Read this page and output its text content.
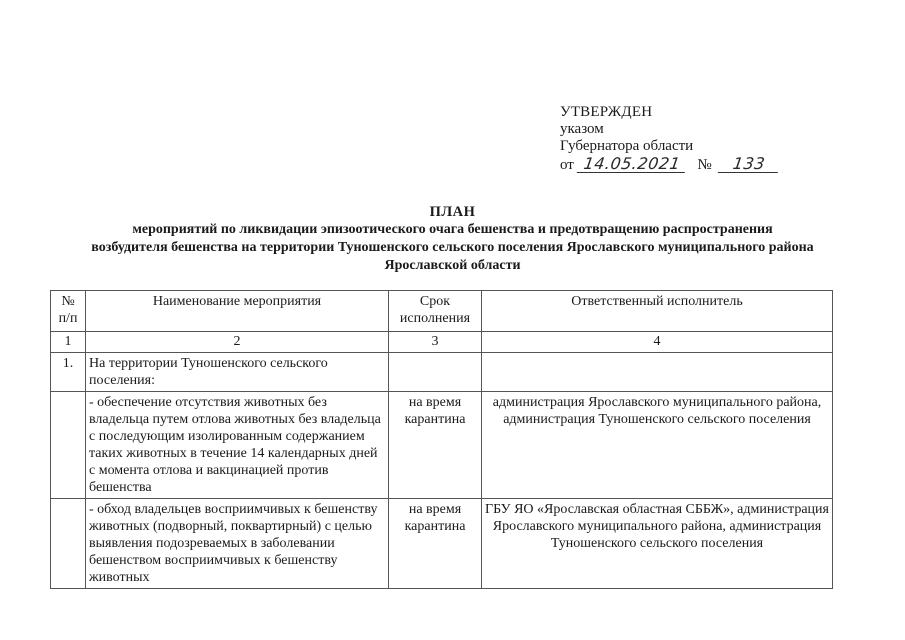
УТВЕРЖДЕН
указом
Губернатора области
от 14.05.2021 № 133
ПЛАН
мероприятий по ликвидации эпизоотического очага бешенства и предотвращению распространения
возбудителя бешенства на территории Туношенского сельского поселения Ярославского муниципального района
Ярославской области
№ п/п	Наименование мероприятия	Срок исполнения	Ответственный исполнитель
1	2	3	4
1.	На территории Туношенского сельского поселения:		
	- обеспечение отсутствия животных без владельца путем отлова животных без владельца с последующим изолированным содержанием таких животных в течение 14 календарных дней с момента отлова и вакцинацией против бешенства	на время карантина	администрация Ярославского муниципального района, администрация Туношенского сельского поселения
	- обход владельцев восприимчивых к бешенству животных (подворный, поквартирный) с целью выявления подозреваемых в заболевании бешенством восприимчивых к бешенству животных	на время карантина	ГБУ ЯО «Ярославская областная СББЖ», администрация Ярославского муниципального района, администрация Туношенского сельского поселения
